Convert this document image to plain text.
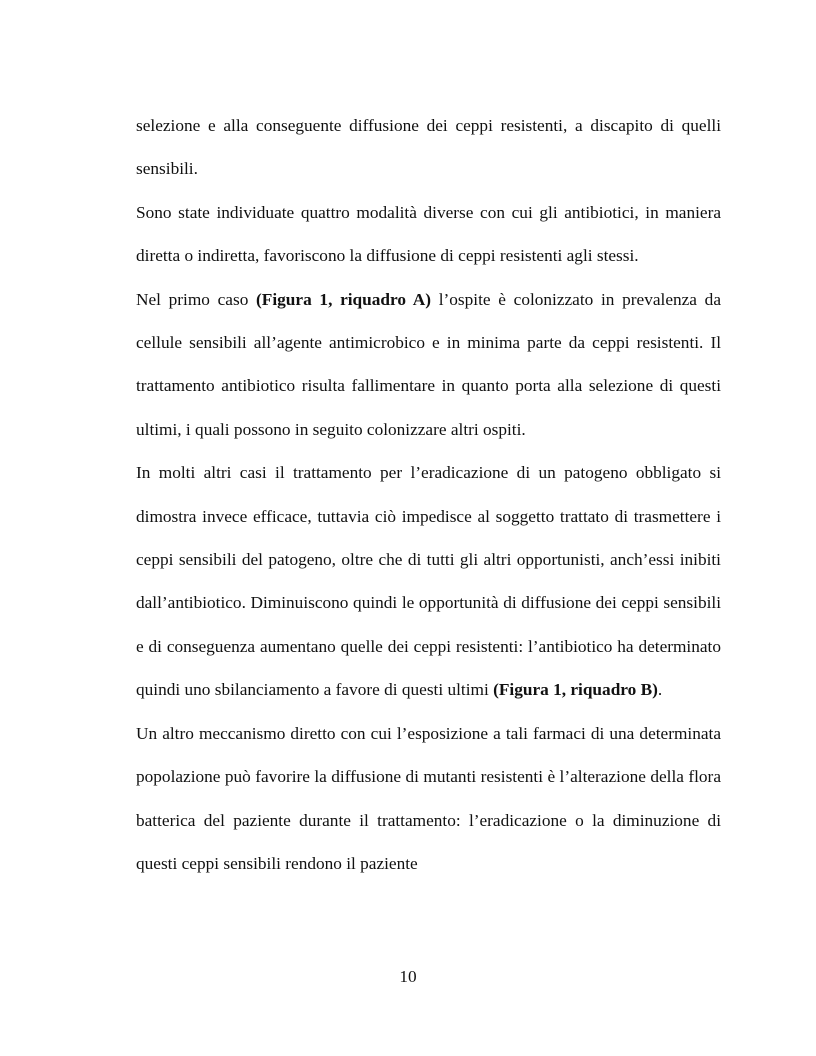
selezione e alla conseguente diffusione dei ceppi resistenti, a discapito di quelli sensibili.

Sono state individuate quattro modalità diverse con cui gli antibiotici, in maniera diretta o indiretta, favoriscono la diffusione di ceppi resistenti agli stessi.

Nel primo caso (Figura 1, riquadro A) l’ospite è colonizzato in prevalenza da cellule sensibili all’agente antimicrobico e in minima parte da ceppi resistenti. Il trattamento antibiotico risulta fallimentare in quanto porta alla selezione di questi ultimi, i quali possono in seguito colonizzare altri ospiti.

In molti altri casi il trattamento per l’eradicazione di un patogeno obbligato si dimostra invece efficace, tuttavia ciò impedisce al soggetto trattato di trasmettere i ceppi sensibili del patogeno, oltre che di tutti gli altri opportunisti, anch’essi inibiti dall’antibiotico. Diminuiscono quindi le opportunità di diffusione dei ceppi sensibili e di conseguenza aumentano quelle dei ceppi resistenti: l’antibiotico ha determinato quindi uno sbilanciamento a favore di questi ultimi (Figura 1, riquadro B).

Un altro meccanismo diretto con cui l’esposizione a tali farmaci di una determinata popolazione può favorire la diffusione di mutanti resistenti è l’alterazione della flora batterica del paziente durante il trattamento: l’eradicazione o la diminuzione di questi ceppi sensibili rendono il paziente

10
